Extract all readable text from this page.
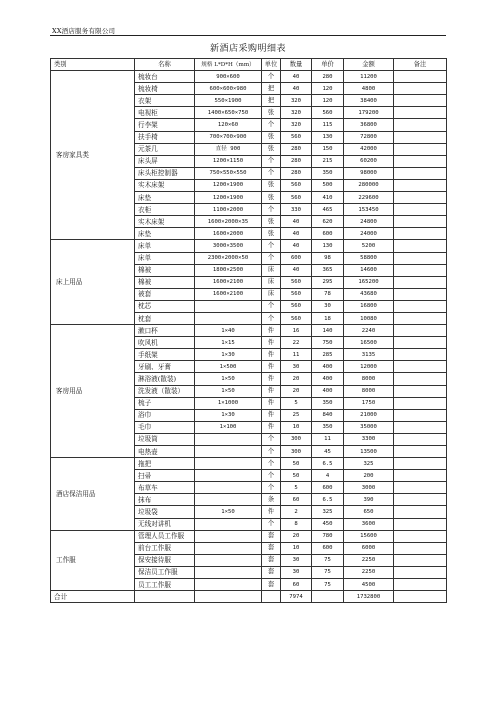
XX酒店服务有限公司
新酒店采购明细表
类别	名称	规格 L*D*H（mm）	单位	数量	单价	金额	备注
客房家具类	梳妆台	900×600	个	40	280	11200	
	梳妆椅	600×600×980	把	40	120	4800	
	衣架	550×1900	把	320	120	38400	
	电视柜	1400×650×750	张	320	560	179200	
	行李架	120×60	个	320	115	36800	
	扶手椅	700×700×900	张	560	130	72800	
	元茶几	直径 900	张	280	150	42000	
	床头屏	1200×1150	个	280	215	60200	
	床头柜控制器	750×550×550	个	280	350	98000	
	实木床架	1200×1900	张	560	500	280000	
	床垫	1200×1900	张	560	410	229600	
	衣柜	1100×2000	个	330	465	153450	
	实木床架	1600×2000×35	张	40	620	24800	
	床垫	1600×2000	张	40	600	24000	
床上用品	床单	3000×3500	个	40	130	5200	
	床单	2300×2000×50	个	600	98	58800	
	棉被	1800×2500	床	40	365	14600	
	棉被	1600×2100	床	560	295	165200	
	被套	1600×2100	床	560	78	43680	
	枕芯		个	560	30	16800	
	枕套		个	560	18	10080	
客房用品	漱口杯	1×40	件	16	140	2240	
	吹风机	1×15	件	22	750	16500	
	手纸架	1×30	件	11	285	3135	
	牙刷、牙膏	1×500	件	30	400	12000	
	淋浴液(散装)	1×50	件	20	400	8000	
	洗发液（散装）	1×50	件	20	400	8000	
	梳子	1×1000	件	5	350	1750	
	浴巾	1×30	件	25	840	21000	
	毛巾	1×100	件	10	350	35000	
	垃圾筒		个	300	11	3300	
	电热壶		个	300	45	13500	
酒店保洁用品	拖把		个	50	6.5	325	
	扫帚		个	50	4	200	
	布草车		个	5	600	3000	
	抹布		条	60	6.5	390	
	垃圾袋	1×50	件	2	325	650	
	无线对讲机		个	8	450	3600	
工作服	管理人员工作服		套	20	780	15600	
	前台工作服		套	10	600	6000	
	保安接待服		套	30	75	2250	
	保洁员工作服		套	30	75	2250	
	员工工作服		套	60	75	4500	
合计				7974		1732800	
